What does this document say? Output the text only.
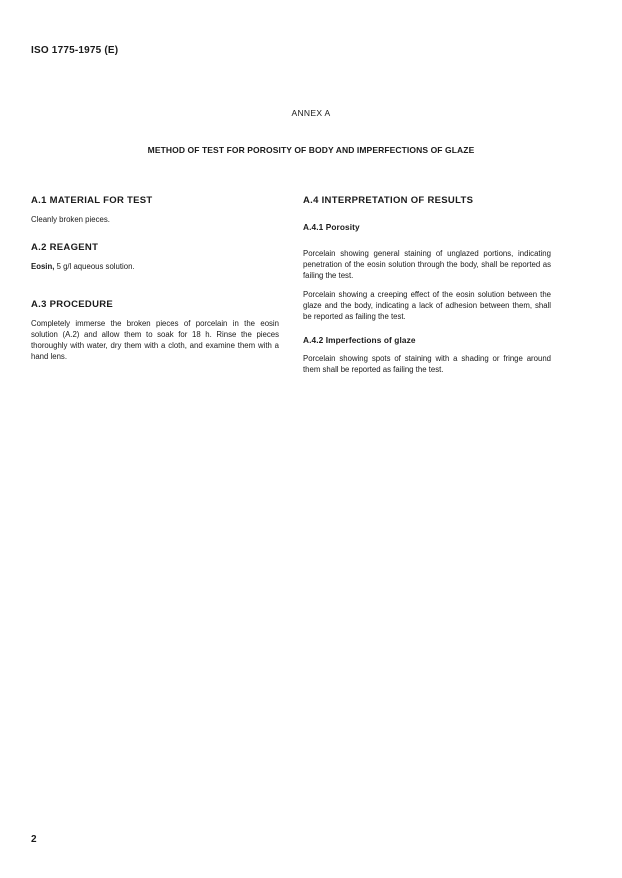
ISO 1775-1975 (E)
ANNEX A
METHOD OF TEST FOR POROSITY OF BODY AND IMPERFECTIONS OF GLAZE
A.1 MATERIAL FOR TEST

Cleanly broken pieces.

A.2 REAGENT

Eosin, 5 g/l aqueous solution.

A.3 PROCEDURE

Completely immerse the broken pieces of porcelain in the eosin solution (A.2) and allow them to soak for 18 h. Rinse the pieces thoroughly with water, dry them with a cloth, and examine them with a hand lens.

A.4 INTERPRETATION OF RESULTS
A.4.1 Porosity

Porcelain showing general staining of unglazed portions, indicating penetration of the eosin solution through the body, shall be reported as failing the test.

Porcelain showing a creeping effect of the eosin solution between the glaze and the body, indicating a lack of adhesion between them, shall be reported as failing the test.

A.4.2 Imperfections of glaze

Porcelain showing spots of staining with a shading or fringe around them shall be reported as failing the test.

2
